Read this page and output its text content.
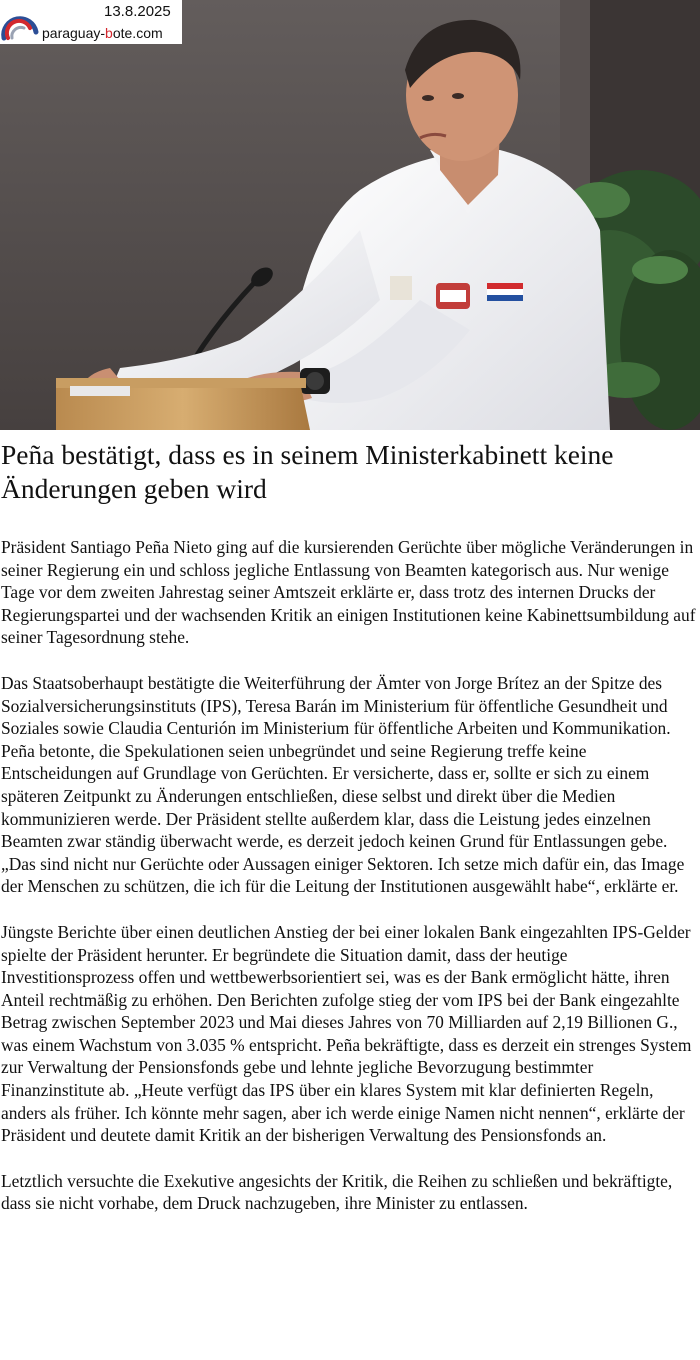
13.8.2025
paraguay-bote.com
Peña bestätigt, dass es in seinem Ministerkabinett keine Änderungen geben wird

Präsident Santiago Peña Nieto ging auf die kursierenden Gerüchte über mögliche Veränderungen in seiner Regierung ein und schloss jegliche Entlassung von Beamten kategorisch aus. Nur wenige Tage vor dem zweiten Jahrestag seiner Amtszeit erklärte er, dass trotz des internen Drucks der Regierungspartei und der wachsenden Kritik an einigen Institutionen keine Kabinettsumbildung auf seiner Tagesordnung stehe.

Das Staatsoberhaupt bestätigte die Weiterführung der Ämter von Jorge Brítez an der Spitze des Sozialversicherungsinstituts (IPS), Teresa Barán im Ministerium für öffentliche Gesundheit und Soziales sowie Claudia Centurión im Ministerium für öffentliche Arbeiten und Kommunikation. Peña betonte, die Spekulationen seien unbegründet und seine Regierung treffe keine Entscheidungen auf Grundlage von Gerüchten. Er versicherte, dass er, sollte er sich zu einem späteren Zeitpunkt zu Änderungen entschließen, diese selbst und direkt über die Medien kommunizieren werde. Der Präsident stellte außerdem klar, dass die Leistung jedes einzelnen Beamten zwar ständig überwacht werde, es derzeit jedoch keinen Grund für Entlassungen gebe. „Das sind nicht nur Gerüchte oder Aussagen einiger Sektoren. Ich setze mich dafür ein, das Image der Menschen zu schützen, die ich für die Leitung der Institutionen ausgewählt habe“, erklärte er.

Jüngste Berichte über einen deutlichen Anstieg der bei einer lokalen Bank eingezahlten IPS-Gelder spielte der Präsident herunter. Er begründete die Situation damit, dass der heutige Investitionsprozess offen und wettbewerbsorientiert sei, was es der Bank ermöglicht hätte, ihren Anteil rechtmäßig zu erhöhen. Den Berichten zufolge stieg der vom IPS bei der Bank eingezahlte Betrag zwischen September 2023 und Mai dieses Jahres von 70 Milliarden auf 2,19 Billionen G., was einem Wachstum von 3.035 % entspricht. Peña bekräftigte, dass es derzeit ein strenges System zur Verwaltung der Pensionsfonds gebe und lehnte jegliche Bevorzugung bestimmter Finanzinstitute ab. „Heute verfügt das IPS über ein klares System mit klar definierten Regeln, anders als früher. Ich könnte mehr sagen, aber ich werde einige Namen nicht nennen“, erklärte der Präsident und deutete damit Kritik an der bisherigen Verwaltung des Pensionsfonds an.

Letztlich versuchte die Exekutive angesichts der Kritik, die Reihen zu schließen und bekräftigte, dass sie nicht vorhabe, dem Druck nachzugeben, ihre Minister zu entlassen.
